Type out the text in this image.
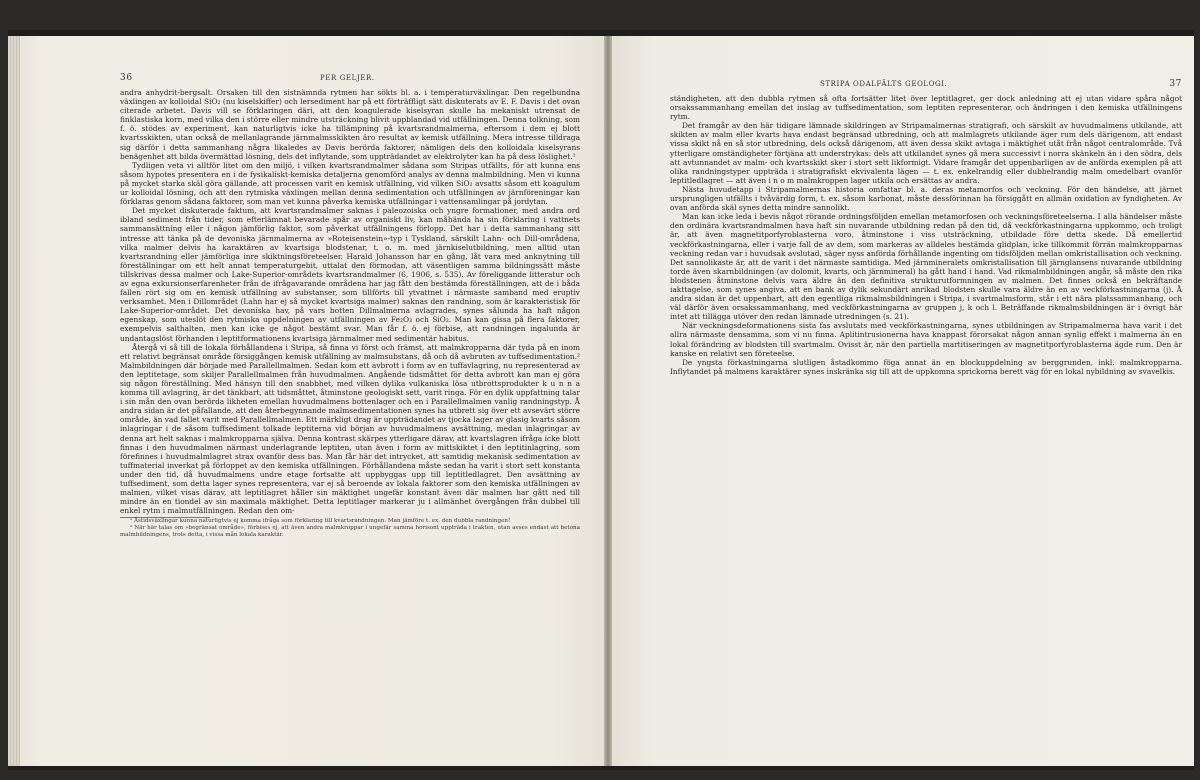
36	PER GELJER.

andra anhydrit-bergsalt. Orsaken till den sistnämnda rytmen har sökts bl. a. i temperaturväxlingar. Den regelbundna växlingen av kolloidal SiO₂ (nu kiselskiffer) och lersediment har på ett förträffligt sätt diskuterats av E. F. Davis i det ovan citerade arbetet. Davis vill se förklaringen däri, att den koagulerade kiselsyran skulle ha mekaniskt utrensat de finklastiska korn, med vilka den i större eller mindre utsträckning blivit uppblandad vid utfällningen. Denna tolkning, som f. ö. stödes av experiment, kan naturligtvis icke ha tillämpning på kvartsrandmalmerna, eftersom i dem ej blott kvartsskikten, utan också de mellanlagrande järnmalmsskikten äro resultat av kemisk utfällning. Mera intresse tilldraga sig därför i detta sammanhang några likaledes av Davis berörda faktorer, nämligen dels den kolloidala kiselsyrans benägenhet att bilda övermättad lösning, dels det inflytande, som uppträdandet av elektrolyter kan ha på dess löslighet.¹

Tydligen veta vi alltför litet om den miljö, i vilken kvartsrandmalmer sådana som Stripas utfällts, för att kunna ens såsom hypotes presentera en i de fysikaliskt-kemiska detaljerna genomförd analys av denna malmbildning. Men vi kunna på mycket starka skäl göra gällande, att processen varit en kemisk utfällning, vid vilken SiO₂ avsatts såsom ett koagulum ur kolloidal lösning, och att den rytmiska växlingen mellan denna sedimentation och utfällningen av järnföreningar kan förklaras genom sådana faktorer, som man vet kunna påverka kemiska utfällningar i vattensamlingar på jordytan.

Det mycket diskuterade faktum, att kvartsrandmalmer saknas i paleozoiska och yngre formationer, med andra ord ibland sediment från tider, som efterlämnat bevarade spår av organiskt liv, kan måhända ha sin förklaring i vattnets sammansättning eller i någon jämförlig faktor, som påverkat utfällningens förlopp. Det har i detta sammanhang sitt intresse att tänka på de devoniska järnmalmerna av »Roteisenstein»-typ i Tyskland, särskilt Lahn- och Dill-områdena, vilka malmer delvis ha karaktären av kvartsiga blodstenar, t. o. m. med järnkiselutbildning, men alltid utan kvartsrandning eller jämförliga inre skiktningsföreteelser. Harald Johansson har en gång, låt vara med anknytning till föreställningar om ett helt annat temperaturgebit, uttalat den förmodan, att väsentligen samma bildningssätt måste tillskrivas dessa malmer och Lake-Superior-områdets kvartsrandmalmer (6, 1906, s. 535). Av föreliggande litteratur och av egna exkursionserfarenheter från de ifrågavarande områdena har jag fått den bestämda föreställningen, att de i båda fallen rört sig om en kemisk utfällning av substanser, som tillförts till ytvattnet i närmaste samband med eruptiv verksamhet. Men i Dillområdet (Lahn har ej så mycket kvartsiga malmer) saknas den randning, som är karakteristisk för Lake-Superior-området. Det devoniska hav, på vars botten Dillmalmerna avlagrades, synes sålunda ha haft någon egenskap, som uteslöt den rytmiska uppdelningen av utfällningen av Fe₂O₃ och SiO₂. Man kan gissa på flera faktorer, exempelvis salthalten, men kan icke ge något bestämt svar. Man får f. ö. ej förbise, att randningen ingalunda är undantagslöst förhanden i leptitformationens kvartsiga järnmalmer med sedimentär habitus.

Återgå vi så till de lokala förhållandena i Stripa, så finna vi först och främst, att malmkropparna där tyda på en inom ett relativt begränsat område försiggången kemisk utfällning av malmsubstans, då och då avbruten av tuffsedimentation.² Malmbildningen där började med Parallellmalmen. Sedan kom ett avbrott i form av en tuffavlagring, nu representerad av den leptitetage, som skiljer Parallellmalmen från huvudmalmen. Angående tidsmåttet för detta avbrott kan man ej göra sig någon föreställning. Med hänsyn till den snabbhet, med vilken dylika vulkaniska lösa utbrottsprodukter k u n n a komma till avlagring, är det tänkbart, att tidsmåttet, åtminstone geologiskt sett, varit ringa. För en dylik uppfattning talar i sin mån den ovan berörda likheten emellan huvudmalmens bottenlager och en i Parallellmalmen vanlig randningstyp. Å andra sidan är det påfallande, att den återbegynnande malmsedimentationen synes ha utbrett sig över ett avsevärt större område, än vad fallet varit med Parallellmalmen. Ett märkligt drag är uppträdandet av tjocka lager av glasig kvarts såsom inlagringar i de såsom tuffsediment tolkade leptiterna vid början av huvudmalmens avsättning, medan inlagringar av denna art helt saknas i malmkropparna själva. Denna kontrast skärpes ytterligare därav, att kvartslagren ifråga icke blott finnas i den huvudmalmen närmast underlagrande leptiten, utan även i form av mittskiktet i den leptitinlagring, som förefinnes i huvudmalmlagret strax ovanför dess bas. Man får här det intrycket, att samtidig mekanisk sedimentation av tuffmaterial inverkat på förloppet av den kemiska utfällningen. Förhållandena måste sedan ha varit i stort sett konstanta under den tid, då huvudmalmens undre etage fortsatte att uppbyggas upp till leptitledlagret. Den avsättning av tuffsediment, som detta lager synes representera, var ej så beroende av lokala faktorer som den kemiska utfällningen av malmen, vilket visas därav, att leptitlagret håller sin mäktighet ungefär konstant även där malmen har gått ned till mindre än en tiondel av sin maximala mäktighet. Detta leptitlager markerar ju i allmänhet övergången från dubbel till enkel rytm i malmutfällningen. Redan den om-

¹ Åstidsväxlingar kunna naturligtvis ej komma ifråga som förklaring till kvartsrandningen. Man jämföre t. ex. den dubbla randningen!
² När här talas om »begränsat område», förbises ej, att även andra malmkroppar i ungefär samma horisont uppträda i trakten, utan avses endast att betona malmbildningens, trots detta, i vissa mån lokala karaktär.
STRIPA ODALFÄLTS GEOLOGI.	37

ständigheten, att den dubbla rytmen så ofta fortsätter litet över leptitlagret, ger dock anledning att ej utan vidare spåra något orsakssammanhang emellan det inslag av tuffsedimentation, som leptiten representerar, och ändringen i den kemiska utfällningens rytm.

Det framgår av den här tidigare lämnade skildringen av Stripamalmernas stratigrafi, och särskilt av huvudmalmens utkilande, att skikten av malm eller kvarts hava endast begränsad utbredning, och att malmlagrets utkilande äger rum dels därigenom, att endast vissa skikt nå en så stor utbredning, dels också därigenom, att även dessa skikt avtaga i mäktighet utåt från något centralområde. Två ytterligare omständigheter förtjäna att understrykas: dels att utkilandet synes gå mera successivt i norra skänkeln än i den södra, dels att avtunnandet av malm- och kvartsskikt sker i stort sett likformigt. Vidare framgår det uppenbarligen av de anförda exemplen på att olika randningstyper uppträda i stratigrafiskt ekvivalenta lägen — t. ex. enkelrandig eller dubbelrandig malm omedelbart ovanför leptitledlagret — att även i n o m malmkroppen lager utkila och ersättas av andra.

Nästa huvudetapp i Stripamalmernas historia omfattar bl. a. deras metamorfos och veckning. För den händelse, att järnet ursprungligen utfällts i tvåvärdig form, t. ex. såsom karbonat, måste dessförinnan ha försiggått en allmän oxidation av fyndigheten. Av ovan anförda skäl synes detta mindre sannolikt.

Man kan icke leda i bevis något rörande ordningsföljden emellan metamorfosen och veckningsföreteelserna. I alla händelser måste den ordinära kvartsrandmalmen hava haft sin nuvarande utbildning redan på den tid, då veckförkastningarna uppkommo, och troligt är, att även magnetitporfyroblasterna voro, åtminstone i viss utsträckning, utbildade före detta skede. Då emellertid veckförkastningarna, eller i varje fall de av dem, som markeras av alldeles bestämda glidplan, icke tillkommit förrän malmkropparnas veckning redan var i huvudsak avslutad, säger nyss anförda förhållande ingenting om tidsföljden mellan omkristallisation och veckning. Det sannolikaste är, att de varit i det närmaste samtidiga. Med järnmineralets omkristallisation till järnglansens nuvarande utbildning torde även skarnbildningen (av dolomit, kvarts, och järnmineral) ha gått hand i hand. Vad rikmalmbildningen angår, så måste den rika blodstenen åtminstone delvis vara äldre än den definitiva strukturutformningen av malmen. Det finnes också en bekräftande iakttagelse, som synes angiva, att en bank av dylik sekundärt anrikad blodsten skulle vara äldre än en av veckförkastningarna (j). Å andra sidan är det uppenbart, att den egentliga rikmalmsbildningen i Stripa, i svartmalmsform, står i ett nära platssammanhang, och väl därför även orsakssammanhang, med veckförkastningarna av gruppen j, k och l. Beträffande rikmalmsbildningen är i övrigt här intet att tillägga utöver den redan lämnade utredningen (s. 21).

När veckningsdeformationens sista fas avslutats med veckförkastningarna, synes utbildningen av Stripamalmerna hava varit i det allra närmaste densamma, som vi nu finna. Aplitintrusionerna hava knappast förorsakat någon annan synlig effekt i malmerna än en lokal förändring av blodsten till svartmalm. Ovisst är, när den partiella martitiseringen av magnetitporfyroblasterna ägde rum. Den är kanske en relativt sen företeelse.

De yngsta förkastningarna slutligen åstadkommo föga annat än en blockuppdelning av berggrunden, inkl. malmkropparna. Inflytandet på malmens karaktärer synes inskränka sig till att de uppkomna sprickorna berett väg för en lokal nybildning av svavelkis.
